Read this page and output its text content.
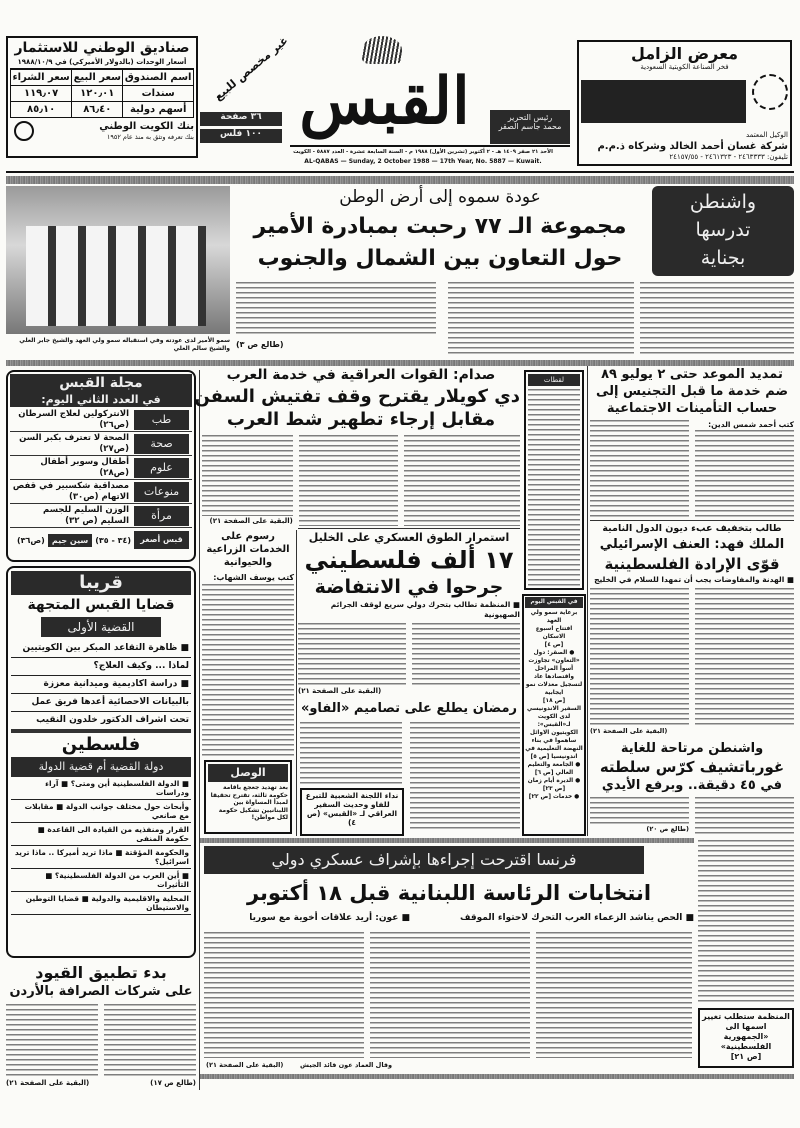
صناديق الوطني للاستثمار
أسعار الوحدات (بالدولار الأميركي) في ١٩٨٨/١٠/٩
اسم الصندوق	سعر البيع	سعر الشراء
سندات	١٢٠٫٠١	١١٩٫٠٧
أسهم دولية	٨٦٫٤٠	٨٥٫١٠
بنك الكويت الوطني
بنك تعرفه وتثق به منذ عام ١٩٥٢
غير مخصص للبيع
٣٦ صفحة
١٠٠ فلس القبس	رئيس التحرير
محمد جاسم الصقر
الأحد ٢١ صفر ١٤٠٩ هـ - ٢ أكتوبر (تشرين الأول) ١٩٨٨ م - السنة السابعة عشرة - العدد ٥٨٨٧ - الكويت
AL-QABAS — Sunday, 2 October 1988 — 17th Year, No. 5887 — Kuwait.
معرض الزامل
فخر الصناعة الكويتية السعودية
الوكيل المعتمد
شركة غسان أحمد الخالد وشركاه ذ.م.م
تليفون: ٢٤٦٣٣٣٣ - ٢٤٦١٣٢٣ - ٢٤١٥٧/٥٥
سمو الأمير لدى عودته وفي استقباله سمو ولي العهد والشيخ جابر العلي والشيخ سالم العلي
واشنطن
تدرسها
بجناية
عودة سموه إلى أرض الوطن
مجموعة الـ ٧٧ رحبت بمبادرة الأمير
حول التعاون بين الشمال والجنوب
(طالع ص ٣)
مجلة القبس
في العدد الثاني اليوم:
طب
الانتركولين لعلاج السرطان (ص٢٦)
صحة
الصحة لا تعترف بكبر السن (ص٢٧)
علوم
أطفال وسوبر أطفال (ص٢٨)
منوعات
مصداقية شكسبير في قفص الاتهام (ص٣٠)
مرأة
الوزن السليم للجسم السليم (ص ٣٢)
قبس أصغر
(٣٤ - ٣٥)
سين جيم
(ص٣٦)
قريبا
قضايا القبس المتجهة
القضية الأولى
■ ظاهرة التقاعد المبكر بين الكويتيين
لماذا ... وكيف العلاج؟
■ دراسة اكاديمية وميدانية معززة
بالبيانات الاحصائية أعدها فريق عمل
تحت اشراف الدكتور خلدون النقيب
فلسطين
دولة القضية أم قضية الدولة
■ الدولة الفلسطينية أين ومتى؟ ■ آراء ودراسات
وأبحاث حول مختلف جوانب الدولة ■ مقابلات مع صانعي
القرار ومنفذيه من القيادة الى القاعدة ■ حكومة المنفى
والحكومة المؤقتة ■ ماذا تريد أميركا .. ماذا تريد اسرائيل؟
■ أين العرب من الدولة الفلسطينية؟ ■ التأثيرات
المحلية والاقليمية والدولية ■ قضايا التوطين والاستيطان
بدء تطبيق القيود
على شركات الصرافة بالأردن
(طالع ص ١٧)
(البقية على الصفحة ٢١)
صدام: القوات العراقية في خدمة العرب
دي كويلار يقترح وقف تفتيش السفن
مقابل إرجاء تطهير شط العرب
(البقية على الصفحة ٢١)
رسوم على الخدمات الزراعية والحيوانية
كتب يوسف الشهاب:
استمرار الطوق العسكري على الخليل
١٧ ألف فلسطيني
جرحوا في الانتفاضة
■ المنظمة تطالب بتحرك دولي سريع لوقف الجرائم الصهيونية
(البقية على الصفحة ٢١)
رمضان يطلع على تصاميم «الفاو»
الوصل
بعد تهديد جعجع باقامة حكومة ثالثة، تقترح تحقيقا لمبدأ المساواة بين اللبنانيين تشكيل حكومة لكل مواطن!
نداء اللجنة الشعبية للتبرع للفاو وحديث السفير العراقي لـ «القبس» (ص ٤)
لقطات
في القبس اليوم
برعاية سمو ولي العهد
افتتاح اسبوع الاسكان
[ص ٤]
● الصقر: دول «التعاون» تجاوزت أسوأ المراحل واقتصادها عاد لتسجيل معدلات نمو ايجابية
[ص ١٨]
السفير الاندونيسي لدى الكويت لـ«القبس»:
الكويتيون الاوائل ساهموا في بناء النهضة التعليمية في اندونيسيا [ص ٥]
● الجامعة والتعليم العالي [ص ٦]
● الديرة أيام زمان [ص ٢٣]
● خدمات [ص ٢٢]
تمديد الموعد حتى ٢ يوليو ٨٩
ضم خدمة ما قبل التجنيس إلى
حساب التأمينات الاجتماعية
كتب أحمد شمس الدين:
طالب بتخفيف عبء ديون الدول النامية
الملك فهد: العنف الإسرائيلي
قوّى الإرادة الفلسطينية
■ الهدنة والمفاوضات يجب أن تمهدا للسلام في الخليج
(البقية على الصفحة ٢١)
واشنطن مرتاحة للغاية
غورباتشيف كرّس سلطته
في ٤٥ دقيقة.. وبرفع الأيدي
(طالع ص ٢٠)
فرنسا اقترحت إجراءها بإشراف عسكري دولي
انتخابات الرئاسة اللبنانية قبل ١٨ أكتوبر
■ الحص يناشد الزعماء العرب التحرك لاحتواء الموقف
■ عون: أريد علاقات أخوية مع سوريا
وقال العماد عون قائد الجيش
(البقية على الصفحة ٢١)
المنظمة ستطلب تغيير اسمها الى «الجمهورية الفلسطينية»
[ص ٢١]
